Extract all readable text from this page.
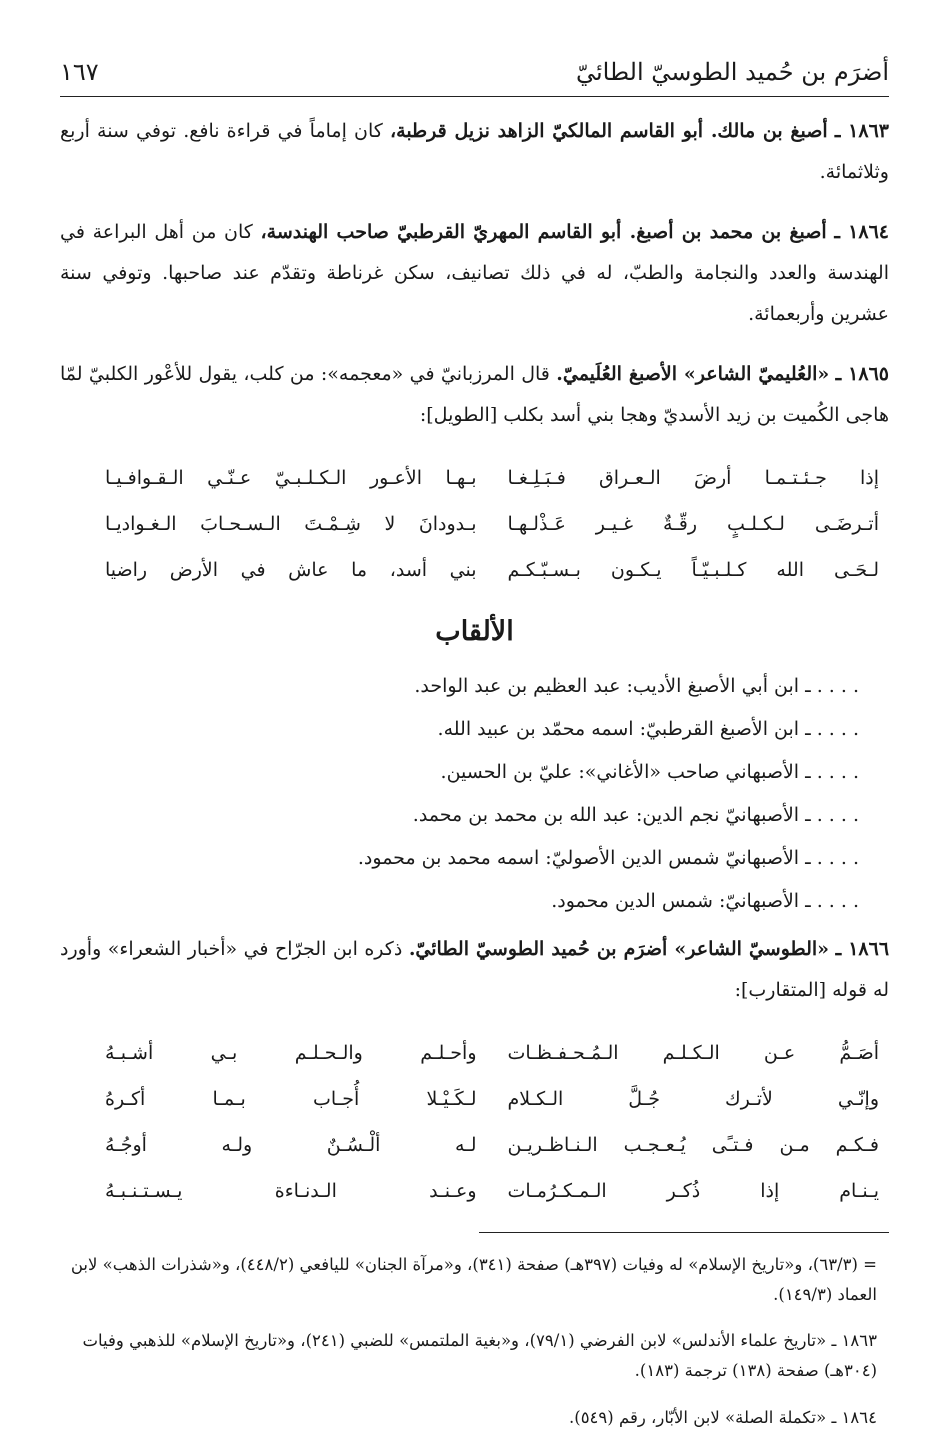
أضرَم بن حُميد الطوسيّ الطائيّ
١٦٧

١٨٦٣ ـ أصبغ بن مالك. أبو القاسم المالكيّ الزاهد نزيل قرطبة، كان إماماً في قراءة نافع. توفي سنة أربع وثلاثمائة.

١٨٦٤ ـ أصبغ بن محمد بن أصبغ. أبو القاسم المهريّ القرطبيّ صاحب الهندسة، كان من أهل البراعة في الهندسة والعدد والنجامة والطبّ، له في ذلك تصانيف، سكن غرناطة وتقدّم عند صاحبها. وتوفي سنة عشرين وأربعمائة.

١٨٦٥ ـ «العُليميّ الشاعر» الأصبغ العُلَيميّ. قال المرزبانيّ في «معجمه»: من كلب، يقول للأعْور الكلبيّ لمّا هاجى الكُميت بن زيد الأسديّ وهجا بني أسد بكلب [الطويل]:

إذا جـئـتـمـا أرضَ الـعـراق فـبَـلِـغـا
بـهـا الأعـور الـكـلـبـيّ عـنّـي الـقـوافـيـا
أتـرضَـى لـكـلـبٍ رقّـةٌ غـيـر عَـذْلـهـا
بـدودانَ لا شِـمْـتَ الـسـحـابَ الـغـواديـا
لـحَـى الله كـلـبـيّـاً يـكـون بـسـبّـكـم
بني أسد، ما عاش في الأرض راضيا
الألقاب
. . . . ـ ابن أبي الأصبغ الأديب: عبد العظيم بن عبد الواحد.
. . . . ـ ابن الأصبغ القرطبيّ: اسمه محمّد بن عبيد الله.
. . . . ـ الأصبهاني صاحب «الأغاني»: عليّ بن الحسين.
. . . . ـ الأصبهانيّ نجم الدين: عبد الله بن محمد بن محمد.
. . . . ـ الأصبهانيّ شمس الدين الأصوليّ: اسمه محمد بن محمود.
. . . . ـ الأصبهانيّ: شمس الدين محمود.

١٨٦٦ ـ «الطوسيّ الشاعر» أضرَم بن حُميد الطوسيّ الطائيّ. ذكره ابن الجرّاح في «أخبار الشعراء» وأورد له قوله [المتقارب]:

أصَـمُّ عـن الـكـلـم الـمُـحـفـظـات
وأحـلـم والـحـلـم بـي أشـبـهُ
وإنّـي لأتـرك جُـلَّ الـكـلام
لـكَـيْـلا أُجـاب بـمـا أكـرهُ
فـكـم مـن فـتـًى يُـعـجـب الـنـاظـريـن
لـه ألْـسُـنٌ ولـه أوجُـهُ
يـنـام إذا ذُكـر الـمـكـرُمـات
وعـنـد الـدنـاءة يـسـتـنـبـهُ

= (٦٣/٣)، و«تاريخ الإسلام» له وفيات (٣٩٧هـ) صفحة (٣٤١)، و«مرآة الجنان» لليافعي (٤٤٨/٢)، و«شذرات الذهب» لابن العماد (١٤٩/٣).

١٨٦٣ ـ «تاريخ علماء الأندلس» لابن الفرضي (٧٩/١)، و«بغية الملتمس» للضبي (٢٤١)، و«تاريخ الإسلام» للذهبي وفيات (٣٠٤هـ) صفحة (١٣٨) ترجمة (١٨٣).

١٨٦٤ ـ «تكملة الصلة» لابن الأبّار، رقم (٥٤٩).
